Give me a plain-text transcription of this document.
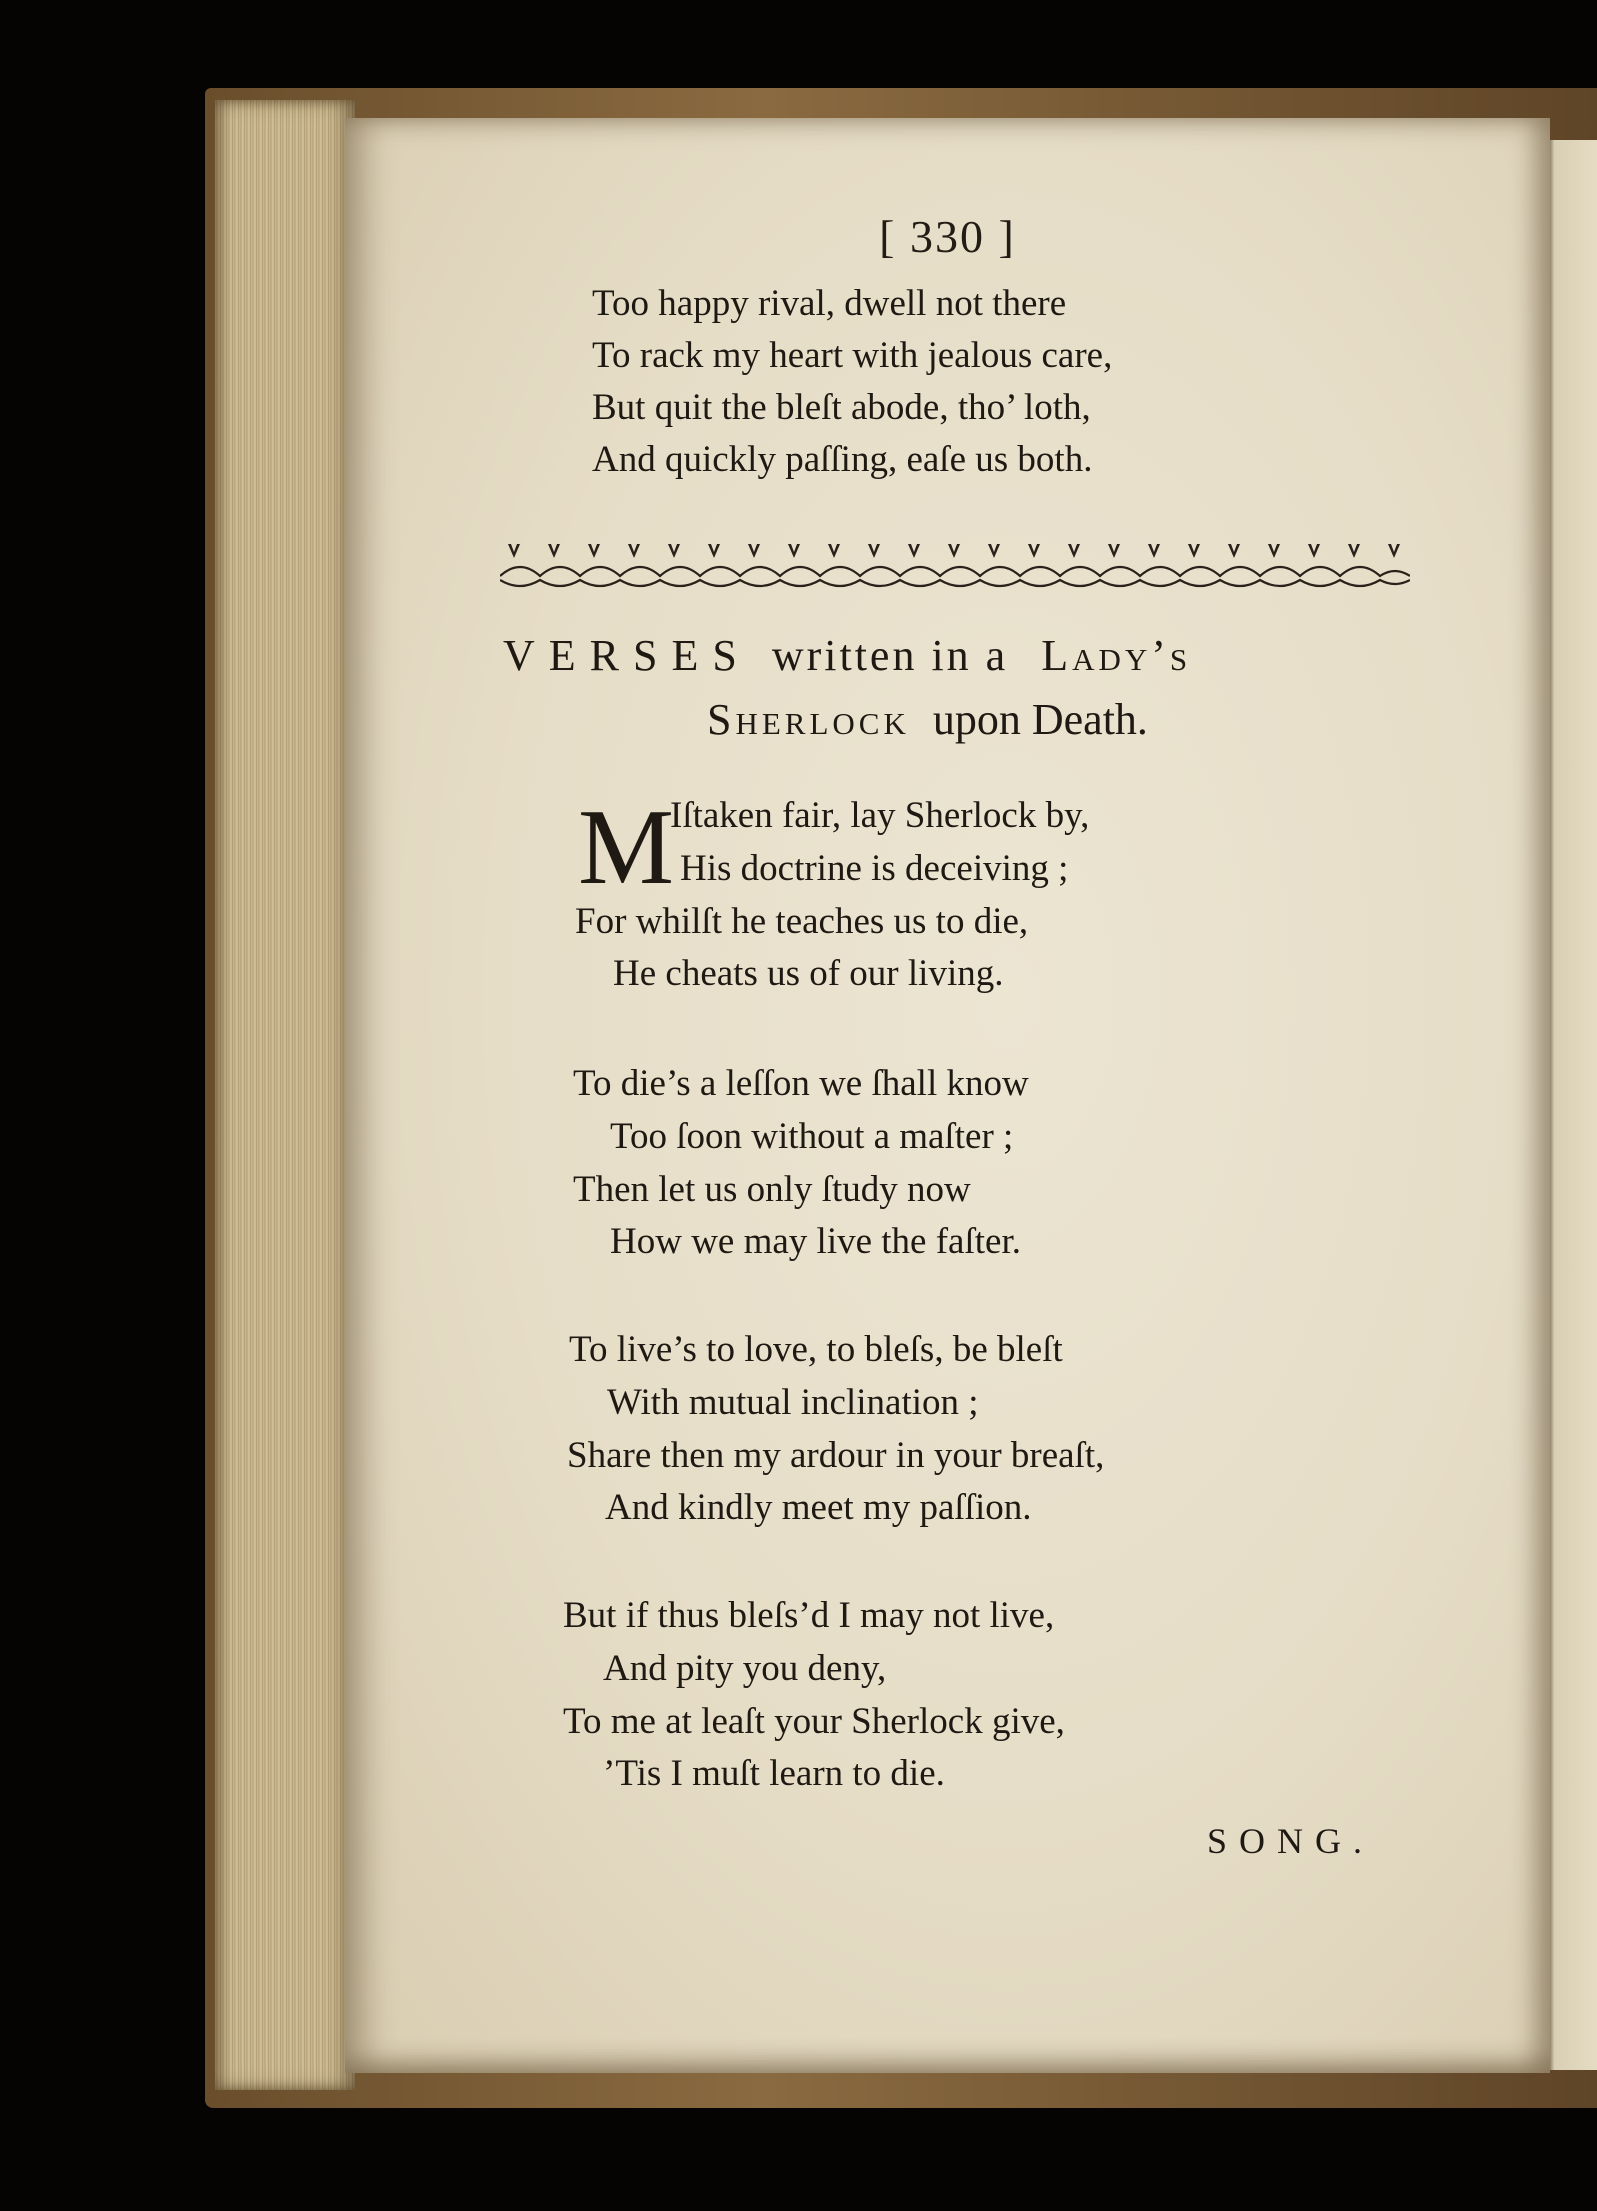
[ 330 ]
Too happy rival, dwell not there
To rack my heart with jealous care,
But quit the bleſt abode, tho’ loth,
And quickly paſſing, eaſe us both.
VERSES written in a Lady’s
Sherlock upon Death.
M
Iſtaken fair, lay Sherlock by,
His doctrine is deceiving ;
For whilſt he teaches us to die,
He cheats us of our living.
To die’s a leſſon we ſhall know
Too ſoon without a maſter ;
Then let us only ſtudy now
How we may live the faſter.
To live’s to love, to bleſs, be bleſt
With mutual inclination ;
Share then my ardour in your breaſt,
And kindly meet my paſſion.
But if thus bleſs’d I may not live,
And pity you deny,
To me at leaſt your Sherlock give,
’Tis I muſt learn to die.
SONG.
